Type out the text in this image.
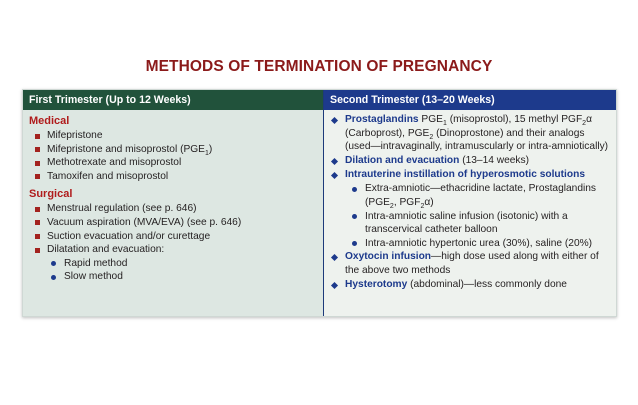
METHODS OF TERMINATION OF PREGNANCY
First Trimester (Up to 12 Weeks)
Medical
Mifepristone
Mifepristone and misoprostol $(PGE_1)$
Methotrexate and misoprostol
Tamoxifen and misoprostol
Surgical
Menstrual regulation (see p. 646)
Vacuum aspiration (MVA/EVA) (see p. 646)
Suction evacuation and/or curettage
Dilatation and evacuation:
Rapid method
Slow method
Second Trimester (13–20 Weeks)
Prostaglandins $PGE_1$ (misoprostol), 15 methyl $PGF_2\alpha$ (Carboprost), $PGE_2$ (Dinoprostone) and their analogs (used—intravaginally, intramuscularly or intra-amniotically)
Dilation and evacuation (13–14 weeks)
Intrauterine instillation of hyperosmotic solutions
Extra-amniotic—ethacridine lactate, Prostaglandins ($PGE_2$, $PGF_2\alpha$)
Intra-amniotic saline infusion (isotonic) with a transcervical catheter balloon
Intra-amniotic hypertonic urea (30%), saline (20%)
Oxytocin infusion—high dose used along with either of the above two methods
Hysterotomy (abdominal)—less commonly done
